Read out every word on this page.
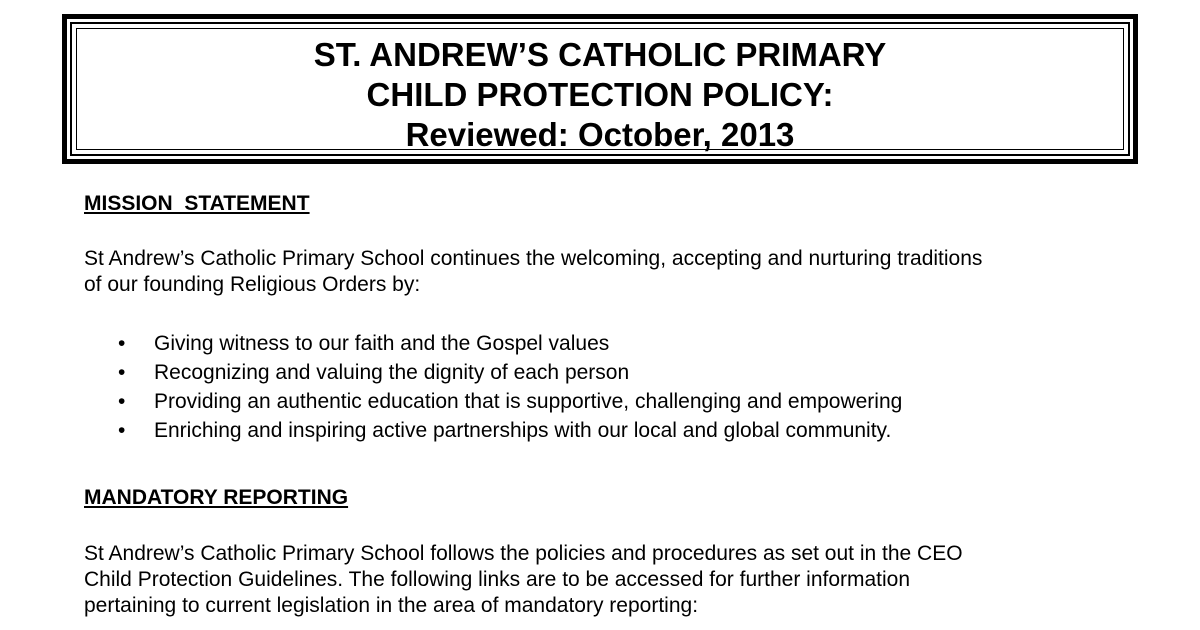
ST. ANDREW’S CATHOLIC PRIMARY
CHILD PROTECTION POLICY:
Reviewed: October, 2013
MISSION  STATEMENT

St Andrew’s Catholic Primary School continues the welcoming, accepting and nurturing traditions
of our founding Religious Orders by:

• Giving witness to our faith and the Gospel values
• Recognizing and valuing the dignity of each person
• Providing an authentic education that is supportive, challenging and empowering
• Enriching and inspiring active partnerships with our local and global community.
MANDATORY REPORTING

St Andrew’s Catholic Primary School follows the policies and procedures as set out in the CEO
Child Protection Guidelines. The following links are to be accessed for further information
pertaining to current legislation in the area of mandatory reporting:
